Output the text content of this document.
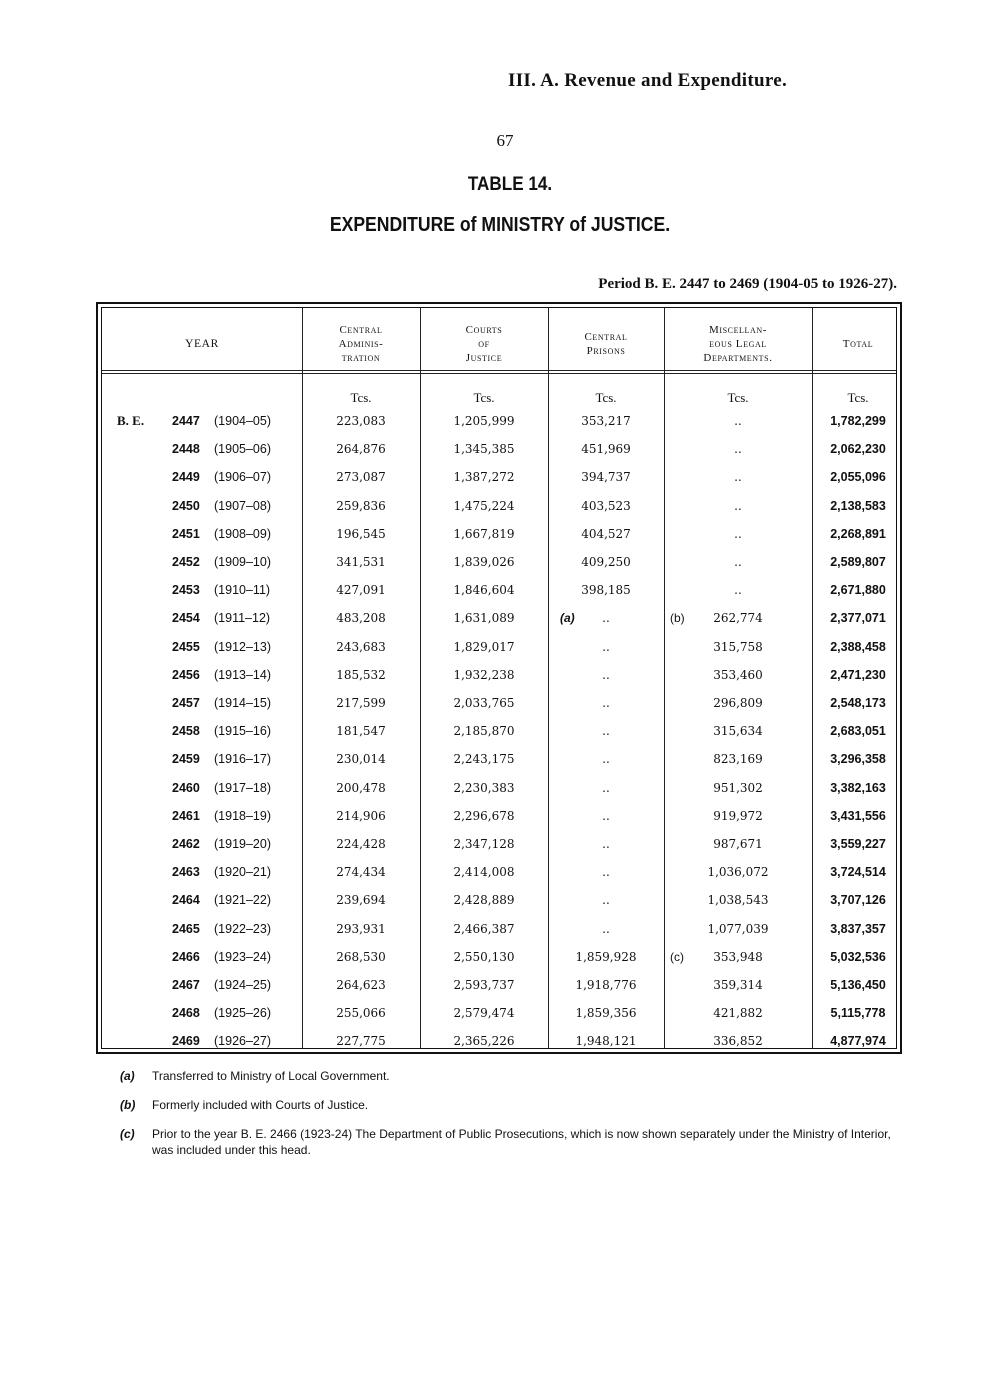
III. A. Revenue and Expenditure.
67
TABLE 14.
EXPENDITURE of MINISTRY of JUSTICE.
Period B. E. 2447 to 2469 (1904-05 to 1926-27).
YEAR
Central
Adminis-
tration
Courts
of
Justice
Central
Prisons
Miscellan-
eous Legal
Departments.
Total
Tcs.	Tcs.	Tcs.	Tcs.	Tcs.
B. E. 2447 (1904–05)	223,083	1,205,999	353,217	..	1,782,299
2448 (1905–06)	264,876	1,345,385	451,969	..	2,062,230
2449 (1906–07)	273,087	1,387,272	394,737	..	2,055,096
2450 (1907–08)	259,836	1,475,224	403,523	..	2,138,583
2451 (1908–09)	196,545	1,667,819	404,527	..	2,268,891
2452 (1909–10)	341,531	1,839,026	409,250	..	2,589,807
2453 (1910–11)	427,091	1,846,604	398,185	..	2,671,880
2454 (1911–12)	483,208	1,631,089	..	262,774	2,377,071
(a)	(b)
2455 (1912–13)	243,683	1,829,017	..	315,758	2,388,458
2456 (1913–14)	185,532	1,932,238	..	353,460	2,471,230
2457 (1914–15)	217,599	2,033,765	..	296,809	2,548,173
2458 (1915–16)	181,547	2,185,870	..	315,634	2,683,051
2459 (1916–17)	230,014	2,243,175	..	823,169	3,296,358
2460 (1917–18)	200,478	2,230,383	..	951,302	3,382,163
2461 (1918–19)	214,906	2,296,678	..	919,972	3,431,556
2462 (1919–20)	224,428	2,347,128	..	987,671	3,559,227
2463 (1920–21)	274,434	2,414,008	..	1,036,072	3,724,514
2464 (1921–22)	239,694	2,428,889	..	1,038,543	3,707,126
2465 (1922–23)	293,931	2,466,387	..	1,077,039	3,837,357
2466 (1923–24)	268,530	2,550,130	1,859,928	353,948	5,032,536
(c)
2467 (1924–25)	264,623	2,593,737	1,918,776	359,314	5,136,450
2468 (1925–26)	255,066	2,579,474	1,859,356	421,882	5,115,778
2469 (1926–27)	227,775	2,365,226	1,948,121	336,852	4,877,974
(a) Transferred to Ministry of Local Government.
(b) Formerly included with Courts of Justice.
(c) Prior to the year B. E. 2466 (1923-24) The Department of Public Prosecutions, which is now shown separately under the Ministry of Interior, was included under this head.
